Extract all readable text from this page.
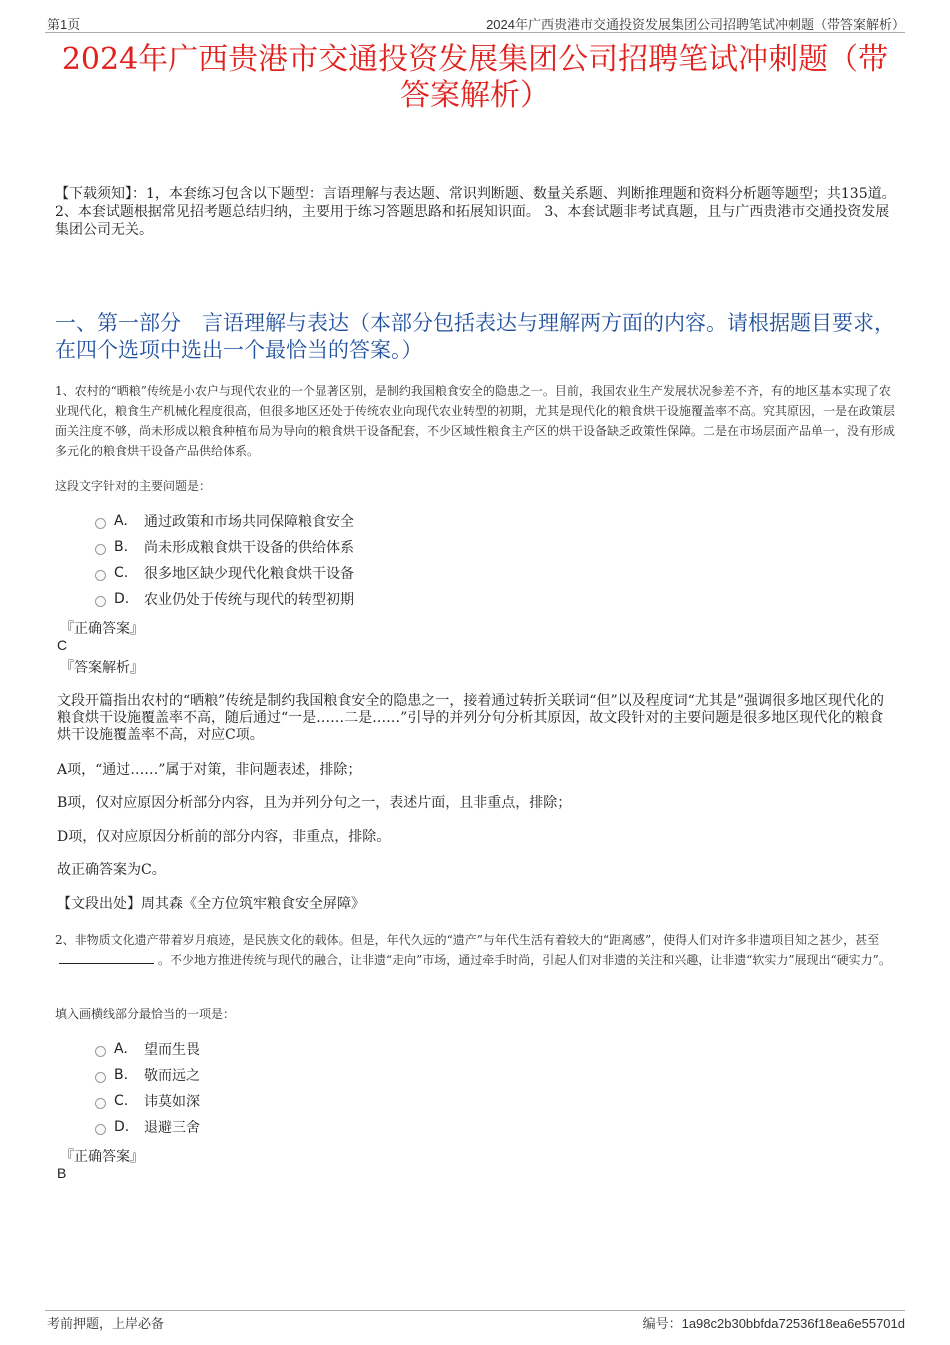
第1页	2024年广西贵港市交通投资发展集团公司招聘笔试冲刺题（带答案解析）
2024年广西贵港市交通投资发展集团公司招聘笔试冲刺题（带
答案解析）
【下载须知】：1，本套练习包含以下题型：言语理解与表达题、常识判断题、数量关系题、判断推理题和资料分析题等题型；共135道。 2、本套试题根据常见招考题总结归纳，主要用于练习答题思路和拓展知识面。 3、本套试题非考试真题，且与广西贵港市交通投资发展集团公司无关。
一、第一部分　言语理解与表达（本部分包括表达与理解两方面的内容。请根据题目要求，在四个选项中选出一个最恰当的答案。）
1、农村的“晒粮”传统是小农户与现代农业的一个显著区别，是制约我国粮食安全的隐患之一。目前，我国农业生产发展状况参差不齐，有的地区基本实现了农业现代化，粮食生产机械化程度很高，但很多地区还处于传统农业向现代农业转型的初期，尤其是现代化的粮食烘干设施覆盖率不高。究其原因，一是在政策层面关注度不够，尚未形成以粮食种植布局为导向的粮食烘干设备配套，不少区域性粮食主产区的烘干设备缺乏政策性保障。二是在市场层面产品单一，没有形成多元化的粮食烘干设备产品供给体系。
这段文字针对的主要问题是：
A.	通过政策和市场共同保障粮食安全
B.	尚未形成粮食烘干设备的供给体系
C.	很多地区缺少现代化粮食烘干设备
D.	农业仍处于传统与现代的转型初期
『正确答案』
C
『答案解析』
文段开篇指出农村的“晒粮”传统是制约我国粮食安全的隐患之一，接着通过转折关联词“但”以及程度词“尤其是”强调很多地区现代化的粮食烘干设施覆盖率不高，随后通过“一是……二是……”引导的并列分句分析其原因，故文段针对的主要问题是很多地区现代化的粮食烘干设施覆盖率不高，对应C项。
A项，“通过……”属于对策，非问题表述，排除；
B项，仅对应原因分析部分内容，且为并列分句之一，表述片面，且非重点，排除；
D项，仅对应原因分析前的部分内容，非重点，排除。
故正确答案为C。
【文段出处】周其森《全方位筑牢粮食安全屏障》
2、非物质文化遗产带着岁月痕迹，是民族文化的载体。但是，年代久远的“遗产”与年代生活有着较大的“距离感”，使得人们对许多非遗项目知之甚少，甚至。不少地方推进传统与现代的融合，让非遗“走向”市场，通过牵手时尚，引起人们对非遗的关注和兴趣，让非遗“软实力”展现出“硬实力”。
填入画横线部分最恰当的一项是：
A.	望而生畏
B.	敬而远之
C.	讳莫如深
D.	退避三舍
『正确答案』
B
考前押题，上岸必备	编号：1a98c2b30bbfda72536f18ea6e55701d
